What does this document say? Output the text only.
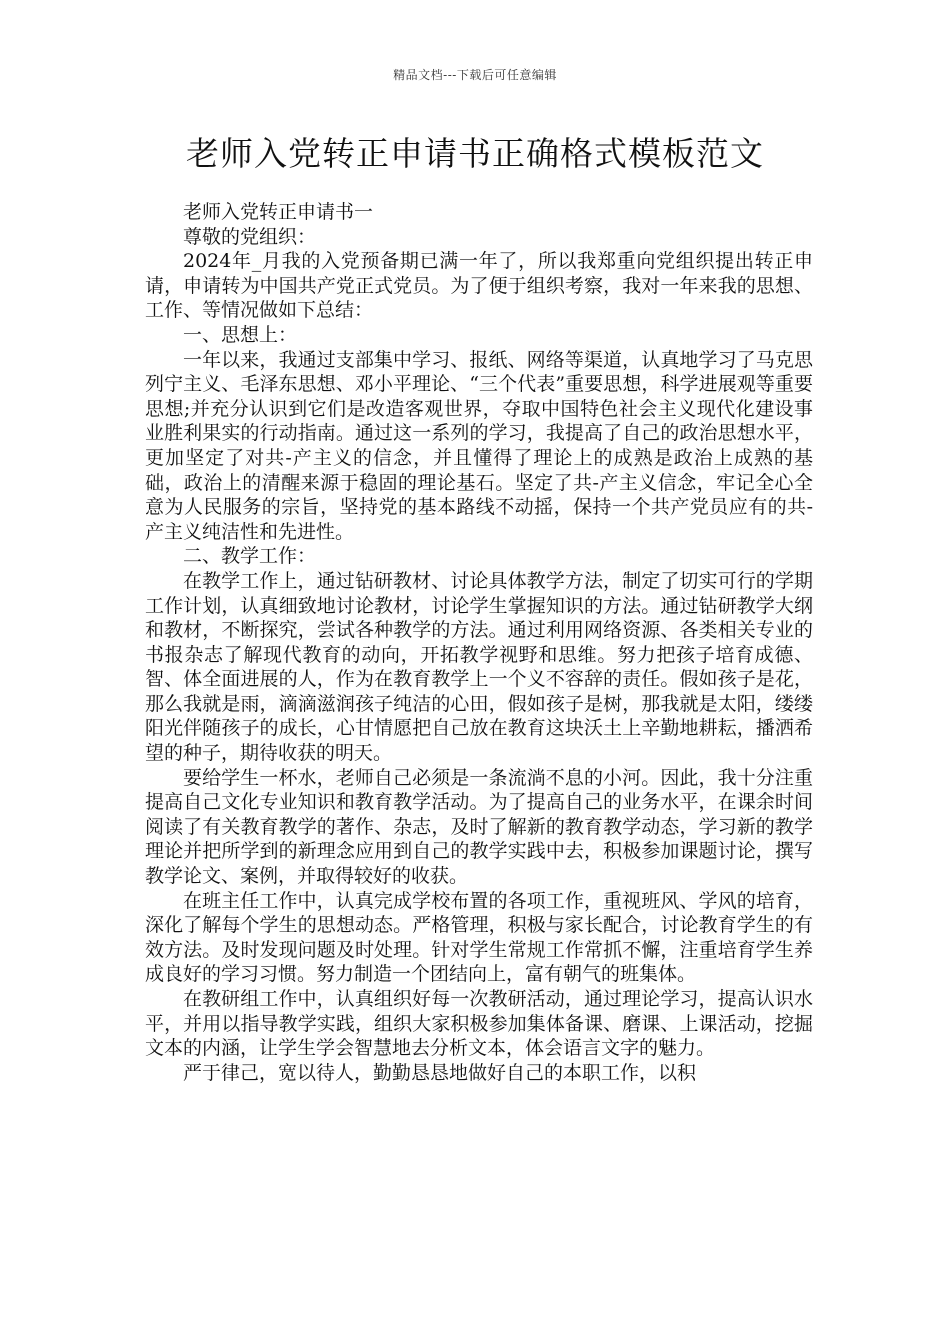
精品文档---下载后可任意编辑
老师入党转正申请书正确格式模板范文

老师入党转正申请书一

尊敬的党组织：

2024年_月我的入党预备期已满一年了，所以我郑重向党组织提出转正申请，申请转为中国共产党正式党员。为了便于组织考察，我对一年来我的思想、工作、等情况做如下总结：

一、思想上：

一年以来，我通过支部集中学习、报纸、网络等渠道，认真地学习了马克思列宁主义、毛泽东思想、邓小平理论、“三个代表”重要思想，科学进展观等重要思想;并充分认识到它们是改造客观世界，夺取中国特色社会主义现代化建设事业胜利果实的行动指南。通过这一系列的学习，我提高了自己的政治思想水平，更加坚定了对共-产主义的信念，并且懂得了理论上的成熟是政治上成熟的基础，政治上的清醒来源于稳固的理论基石。坚定了共-产主义信念，牢记全心全意为人民服务的宗旨，坚持党的基本路线不动摇，保持一个共产党员应有的共-产主义纯洁性和先进性。

二、教学工作：

在教学工作上，通过钻研教材、讨论具体教学方法，制定了切实可行的学期工作计划，认真细致地讨论教材，讨论学生掌握知识的方法。通过钻研教学大纲和教材，不断探究，尝试各种教学的方法。通过利用网络资源、各类相关专业的书报杂志了解现代教育的动向，开拓教学视野和思维。努力把孩子培育成德、智、体全面进展的人，作为在教育教学上一个义不容辞的责任。假如孩子是花，那么我就是雨，滴滴滋润孩子纯洁的心田，假如孩子是树，那我就是太阳，缕缕阳光伴随孩子的成长，心甘情愿把自己放在教育这块沃土上辛勤地耕耘，播洒希望的种子，期待收获的明天。

要给学生一杯水，老师自己必须是一条流淌不息的小河。因此，我十分注重提高自己文化专业知识和教育教学活动。为了提高自己的业务水平，在课余时间阅读了有关教育教学的著作、杂志，及时了解新的教育教学动态，学习新的教学理论并把所学到的新理念应用到自己的教学实践中去，积极参加课题讨论，撰写教学论文、案例，并取得较好的收获。

在班主任工作中，认真完成学校布置的各项工作，重视班风、学风的培育，深化了解每个学生的思想动态。严格管理，积极与家长配合，讨论教育学生的有效方法。及时发现问题及时处理。针对学生常规工作常抓不懈，注重培育学生养成良好的学习习惯。努力制造一个团结向上，富有朝气的班集体。

在教研组工作中，认真组织好每一次教研活动，通过理论学习，提高认识水平，并用以指导教学实践，组织大家积极参加集体备课、磨课、上课活动，挖掘文本的内涵，让学生学会智慧地去分析文本，体会语言文字的魅力。

严于律己，宽以待人，勤勤恳恳地做好自己的本职工作，以积
